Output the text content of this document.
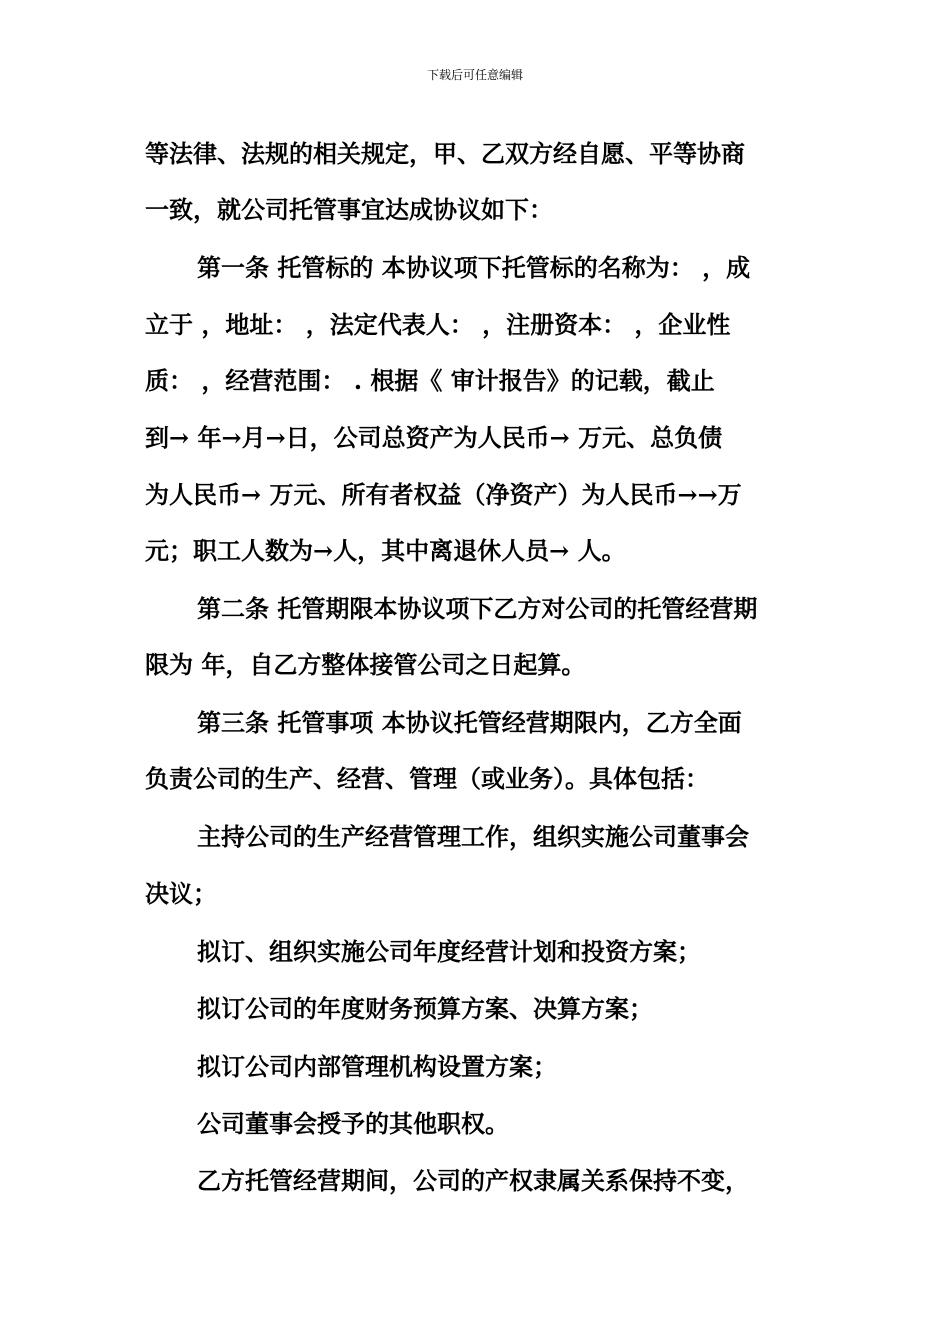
下载后可任意编辑
等法律、法规的相关规定，甲、乙双方经自愿、平等协商
一致，就公司托管事宜达成协议如下：
第一条 托管标的 本协议项下托管标的名称为： ，成
立于 ，地址： ，法定代表人： ，注册资本： ，企业性
质： ，经营范围： . 根据《 审计报告》的记载，截止
到→ 年→月→日，公司总资产为人民币→ 万元、总负债
为人民币→ 万元、所有者权益（净资产）为人民币→→万
元；职工人数为→人，其中离退休人员→ 人。
第二条 托管期限本协议项下乙方对公司的托管经营期
限为 年，自乙方整体接管公司之日起算。
第三条 托管事项 本协议托管经营期限内，乙方全面
负责公司的生产、经营、管理（或业务）。具体包括：
主持公司的生产经营管理工作，组织实施公司董事会
决议；
拟订、组织实施公司年度经营计划和投资方案；
拟订公司的年度财务预算方案、决算方案；
拟订公司内部管理机构设置方案；
公司董事会授予的其他职权。
乙方托管经营期间，公司的产权隶属关系保持不变，
